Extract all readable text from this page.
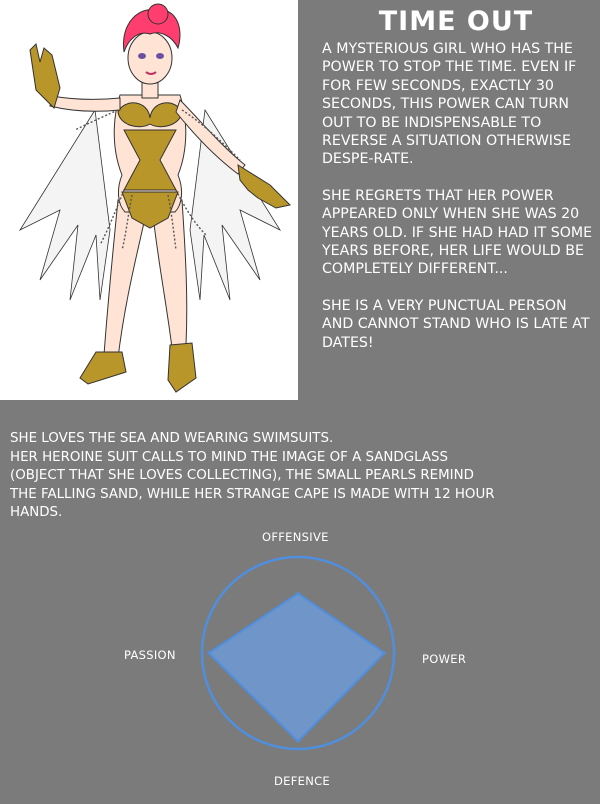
TIME OUT

A MYSTERIOUS GIRL WHO HAS THE POWER TO STOP THE TIME. EVEN IF FOR FEW SECONDS, EXACTLY 30 SECONDS, THIS POWER CAN TURN OUT TO BE INDISPENSABLE TO REVERSE A SITUATION OTHERWISE DESPE-RATE.

SHE REGRETS THAT HER POWER APPEARED ONLY WHEN SHE WAS 20 YEARS OLD. IF SHE HAD HAD IT SOME YEARS BEFORE, HER LIFE WOULD BE COMPLETELY DIFFERENT...

SHE IS A VERY PUNCTUAL PERSON AND CANNOT STAND WHO IS LATE AT DATES!

SHE LOVES THE SEA AND WEARING SWIMSUITS.
HER HEROINE SUIT CALLS TO MIND THE IMAGE OF A SANDGLASS
(OBJECT THAT SHE LOVES COLLECTING), THE SMALL PEARLS REMIND
THE FALLING SAND, WHILE HER STRANGE CAPE IS MADE WITH 12 HOUR
HANDS.
OFFENSIVE
POWER
DEFENCE
PASSION
